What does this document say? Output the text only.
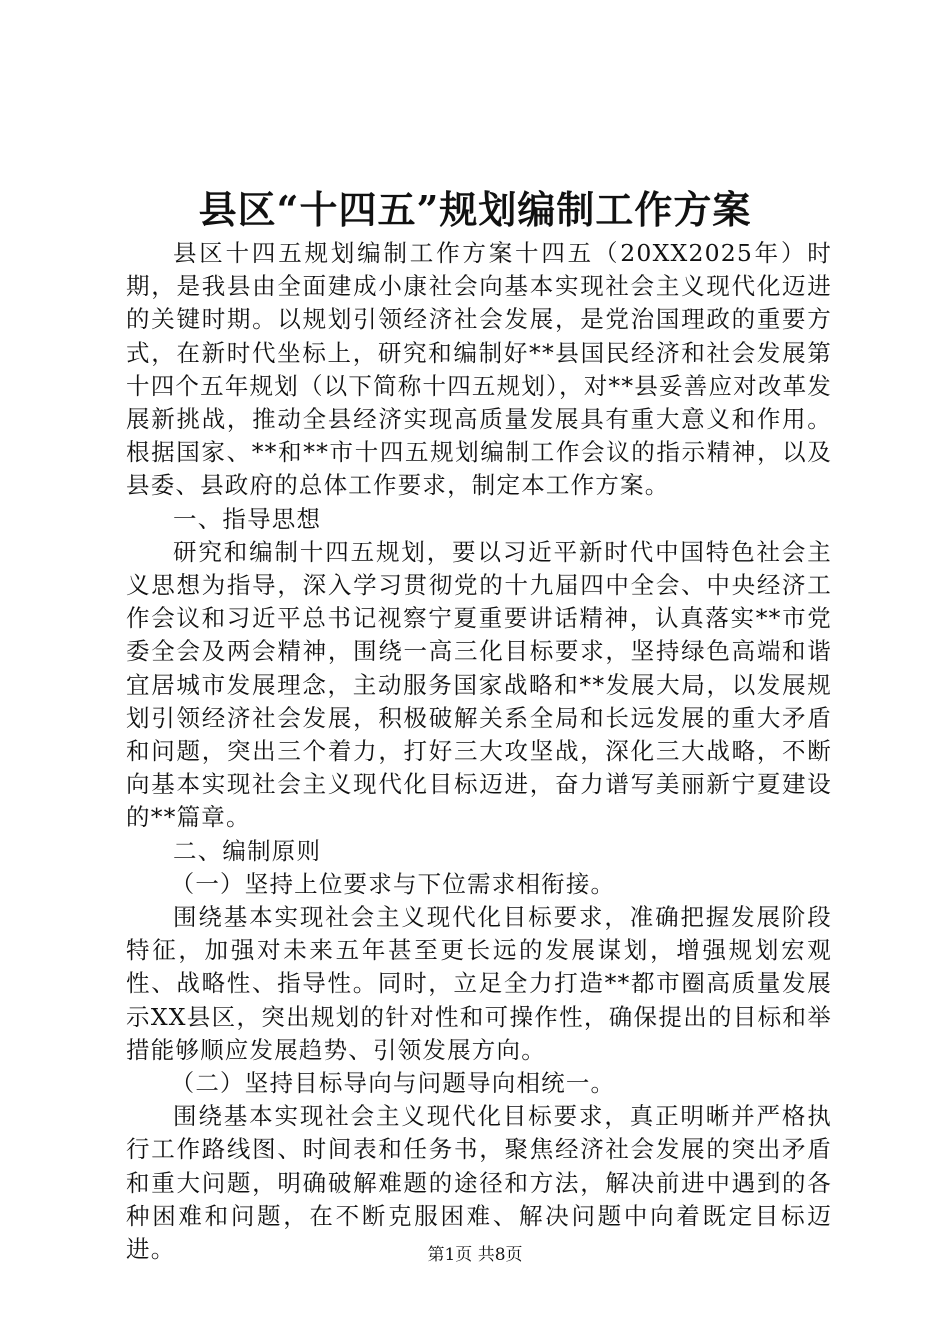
县区“十四五”规划编制工作方案

县区十四五规划编制工作方案十四五（20XX2025年）时期，是我县由全面建成小康社会向基本实现社会主义现代化迈进的关键时期。以规划引领经济社会发展，是党治国理政的重要方式，在新时代坐标上，研究和编制好**县国民经济和社会发展第十四个五年规划（以下简称十四五规划），对**县妥善应对改革发展新挑战，推动全县经济实现高质量发展具有重大意义和作用。根据国家、**和**市十四五规划编制工作会议的指示精神，以及县委、县政府的总体工作要求，制定本工作方案。

一、指导思想

研究和编制十四五规划，要以习近平新时代中国特色社会主义思想为指导，深入学习贯彻党的十九届四中全会、中央经济工作会议和习近平总书记视察宁夏重要讲话精神，认真落实**市党委全会及两会精神，围绕一高三化目标要求，坚持绿色高端和谐宜居城市发展理念，主动服务国家战略和**发展大局，以发展规划引领经济社会发展，积极破解关系全局和长远发展的重大矛盾和问题，突出三个着力，打好三大攻坚战，深化三大战略，不断向基本实现社会主义现代化目标迈进，奋力谱写美丽新宁夏建设的**篇章。

二、编制原则

（一）坚持上位要求与下位需求相衔接。

围绕基本实现社会主义现代化目标要求，准确把握发展阶段特征，加强对未来五年甚至更长远的发展谋划，增强规划宏观性、战略性、指导性。同时，立足全力打造**都市圈高质量发展示XX县区，突出规划的针对性和可操作性，确保提出的目标和举措能够顺应发展趋势、引领发展方向。

（二）坚持目标导向与问题导向相统一。

围绕基本实现社会主义现代化目标要求，真正明晰并严格执行工作路线图、时间表和任务书，聚焦经济社会发展的突出矛盾和重大问题，明确破解难题的途径和方法，解决前进中遇到的各种困难和问题，在不断克服困难、解决问题中向着既定目标迈进。	第1页 共8页
